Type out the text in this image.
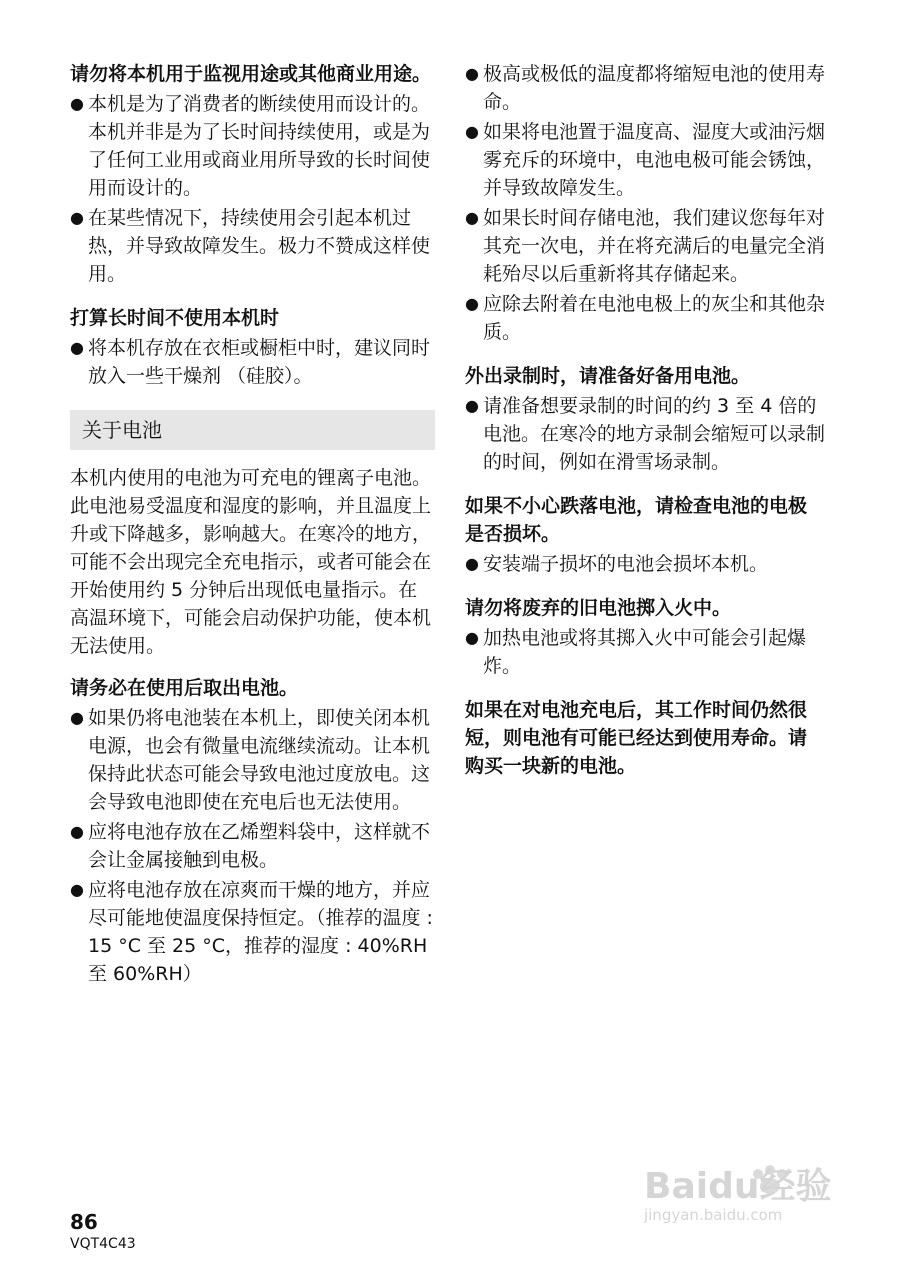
请勿将本机用于监视用途或其他商业用途。
● 本机是为了消费者的断续使用而设计的。本机并非是为了长时间持续使用，或是为了任何工业用或商业用所导致的长时间使用而设计的。
● 在某些情况下，持续使用会引起本机过热，并导致故障发生。极力不赞成这样使用。
打算长时间不使用本机时
● 将本机存放在衣柜或橱柜中时，建议同时放入一些干燥剂 （硅胶）。
关于电池

本机内使用的电池为可充电的锂离子电池。此电池易受温度和湿度的影响，并且温度上升或下降越多，影响越大。在寒冷的地方，可能不会出现完全充电指示，或者可能会在开始使用约 5 分钟后出现低电量指示。在高温环境下，可能会启动保护功能，使本机无法使用。

请务必在使用后取出电池。
● 如果仍将电池装在本机上，即使关闭本机电源，也会有微量电流继续流动。让本机保持此状态可能会导致电池过度放电。这会导致电池即使在充电后也无法使用。
● 应将电池存放在乙烯塑料袋中，这样就不会让金属接触到电极。
● 应将电池存放在凉爽而干燥的地方，并应尽可能地使温度保持恒定。（推荐的温度 : 15 °C 至 25 °C，推荐的湿度 : 40%RH 至 60%RH）
● 极高或极低的温度都将缩短电池的使用寿命。
● 如果将电池置于温度高、湿度大或油污烟雾充斥的环境中，电池电极可能会锈蚀，并导致故障发生。
● 如果长时间存储电池，我们建议您每年对其充一次电，并在将充满后的电量完全消耗殆尽以后重新将其存储起来。
● 应除去附着在电池电极上的灰尘和其他杂质。
外出录制时，请准备好备用电池。
● 请准备想要录制的时间的约 3 至 4 倍的电池。在寒冷的地方录制会缩短可以录制的时间，例如在滑雪场录制。
如果不小心跌落电池，请检查电池的电极是否损坏。
● 安装端子损坏的电池会损坏本机。
请勿将废弃的旧电池掷入火中。
● 加热电池或将其掷入火中可能会引起爆炸。
如果在对电池充电后，其工作时间仍然很短，则电池有可能已经达到使用寿命。请购买一块新的电池。
86
VQT4C43
Baidu经验
jingyan.baidu.com
